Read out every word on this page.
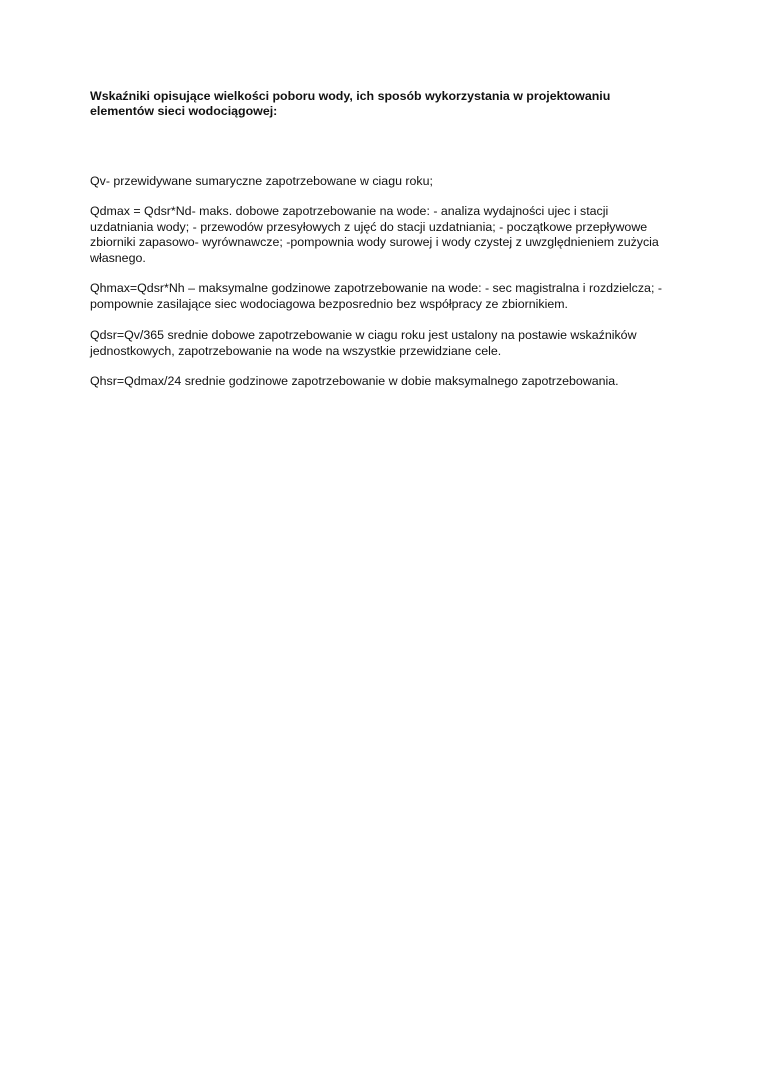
Wskaźniki opisujące wielkości poboru wody, ich sposób wykorzystania w projektowaniu elementów sieci wodociągowej:

Qv- przewidywane sumaryczne zapotrzebowane w ciagu roku;

Qdmax = Qdsr*Nd- maks. dobowe zapotrzebowanie na wode: - analiza wydajności ujec i stacji uzdatniania wody; - przewodów przesyłowych z ujęć do stacji uzdatniania; - początkowe przepływowe zbiorniki zapasowo- wyrównawcze; -pompownia wody surowej i wody czystej z uwzględnieniem zużycia własnego.

Qhmax=Qdsr*Nh – maksymalne godzinowe zapotrzebowanie na wode: - sec magistralna i rozdzielcza; - pompownie zasilające siec wodociagowa bezposrednio bez współpracy ze zbiornikiem.

Qdsr=Qv/365 srednie dobowe zapotrzebowanie w ciagu roku jest ustalony na postawie wskaźników jednostkowych, zapotrzebowanie na wode na wszystkie przewidziane cele.

Qhsr=Qdmax/24 srednie godzinowe zapotrzebowanie w dobie maksymalnego zapotrzebowania.
